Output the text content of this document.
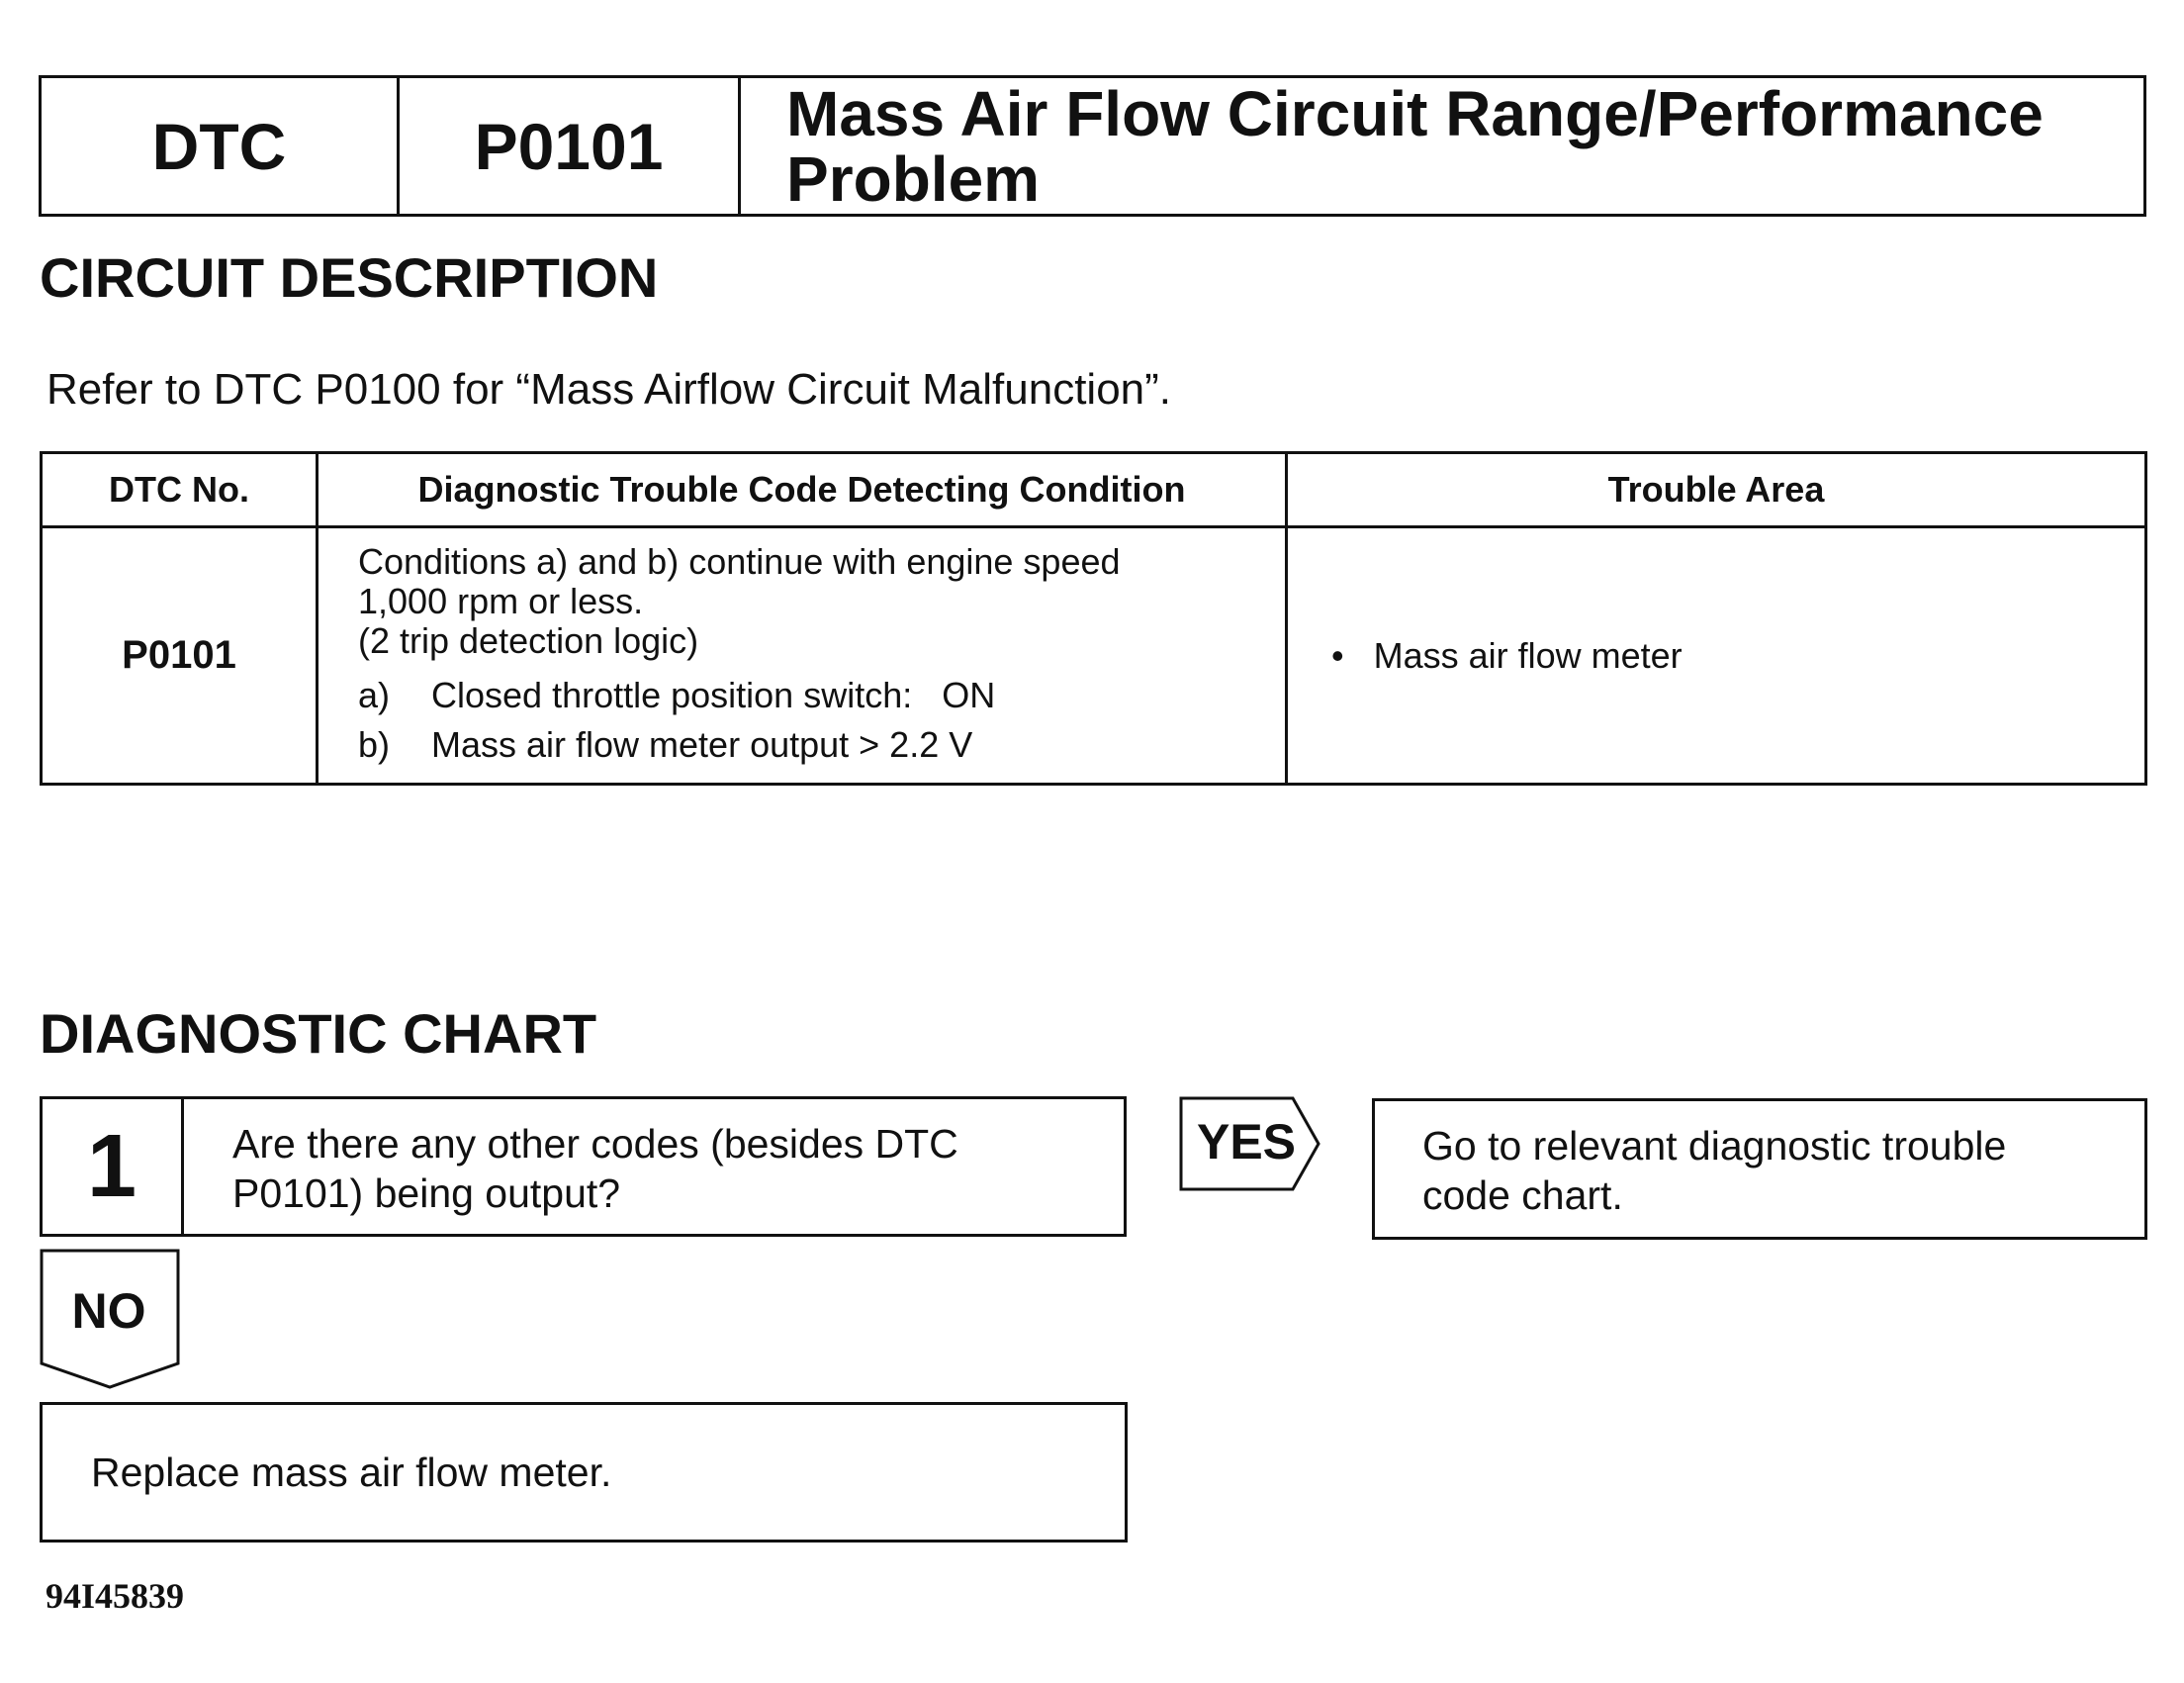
DTC	P0101	Mass Air Flow Circuit Range/Performance
Problem
CIRCUIT DESCRIPTION
Refer to DTC P0100 for “Mass Airflow Circuit Malfunction”.
DTC No.	Diagnostic Trouble Code Detecting Condition	Trouble Area
P0101	Conditions a) and b) continue with engine speed
1,000 rpm or less.
(2 trip detection logic)
a) Closed throttle position switch:   ON
b) Mass air flow meter output > 2.2 V	•   Mass air flow meter
DIAGNOSTIC CHART
1	Are there any other codes (besides DTC
P0101) being output?
YES	Go to relevant diagnostic trouble
code chart.
NO
Replace mass air flow meter.
94I45839
